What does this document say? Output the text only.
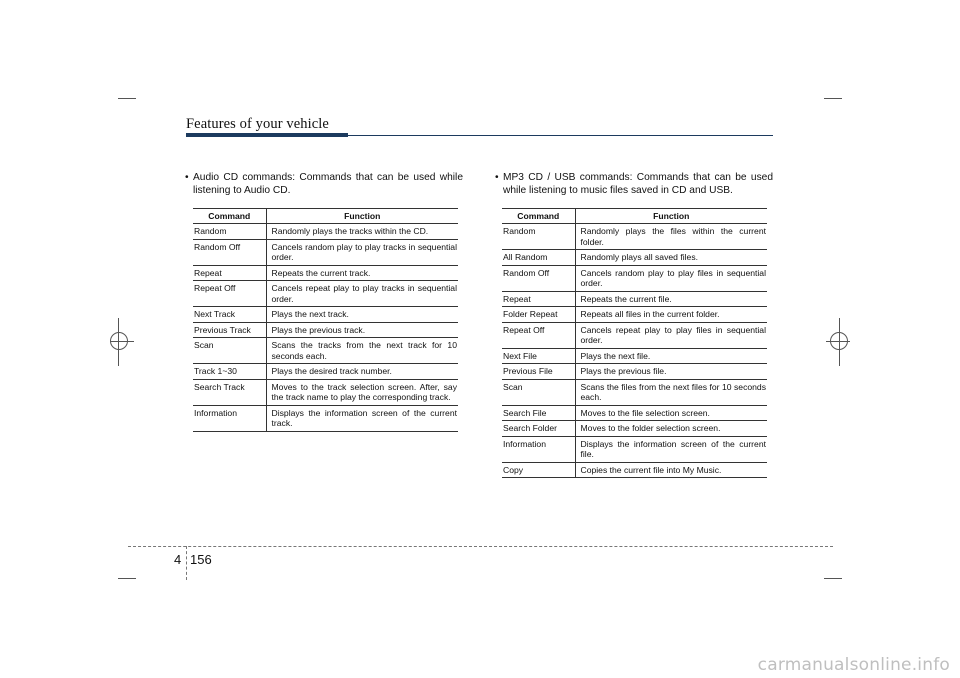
Features of your vehicle

• Audio CD commands: Commands that can be used while listening to Audio CD.

Command	Function
Random	Randomly plays the tracks within the CD.
Random Off	Cancels random play to play tracks in sequential order.
Repeat	Repeats the current track.
Repeat Off	Cancels repeat play to play tracks in sequential order.
Next Track	Plays the next track.
Previous Track	Plays the previous track.
Scan	Scans the tracks from the next track for 10 seconds each.
Track 1~30	Plays the desired track number.
Search Track	Moves to the track selection screen. After, say the track name to play the corresponding track.
Information	Displays the information screen of the current track.

• MP3 CD / USB commands: Commands that can be used while listening to music files saved in CD and USB.

Command	Function
Random	Randomly plays the files within the current folder.
All Random	Randomly plays all saved files.
Random Off	Cancels random play to play files in sequential order.
Repeat	Repeats the current file.
Folder Repeat	Repeats all files in the current folder.
Repeat Off	Cancels repeat play to play files in sequential order.
Next File	Plays the next file.
Previous File	Plays the previous file.
Scan	Scans the files from the next files for 10 seconds each.
Search File	Moves to the file selection screen.
Search Folder	Moves to the folder selection screen.
Information	Displays the information screen of the current file.
Copy	Copies the current file into My Music.
4 156
carmanualsonline.info
